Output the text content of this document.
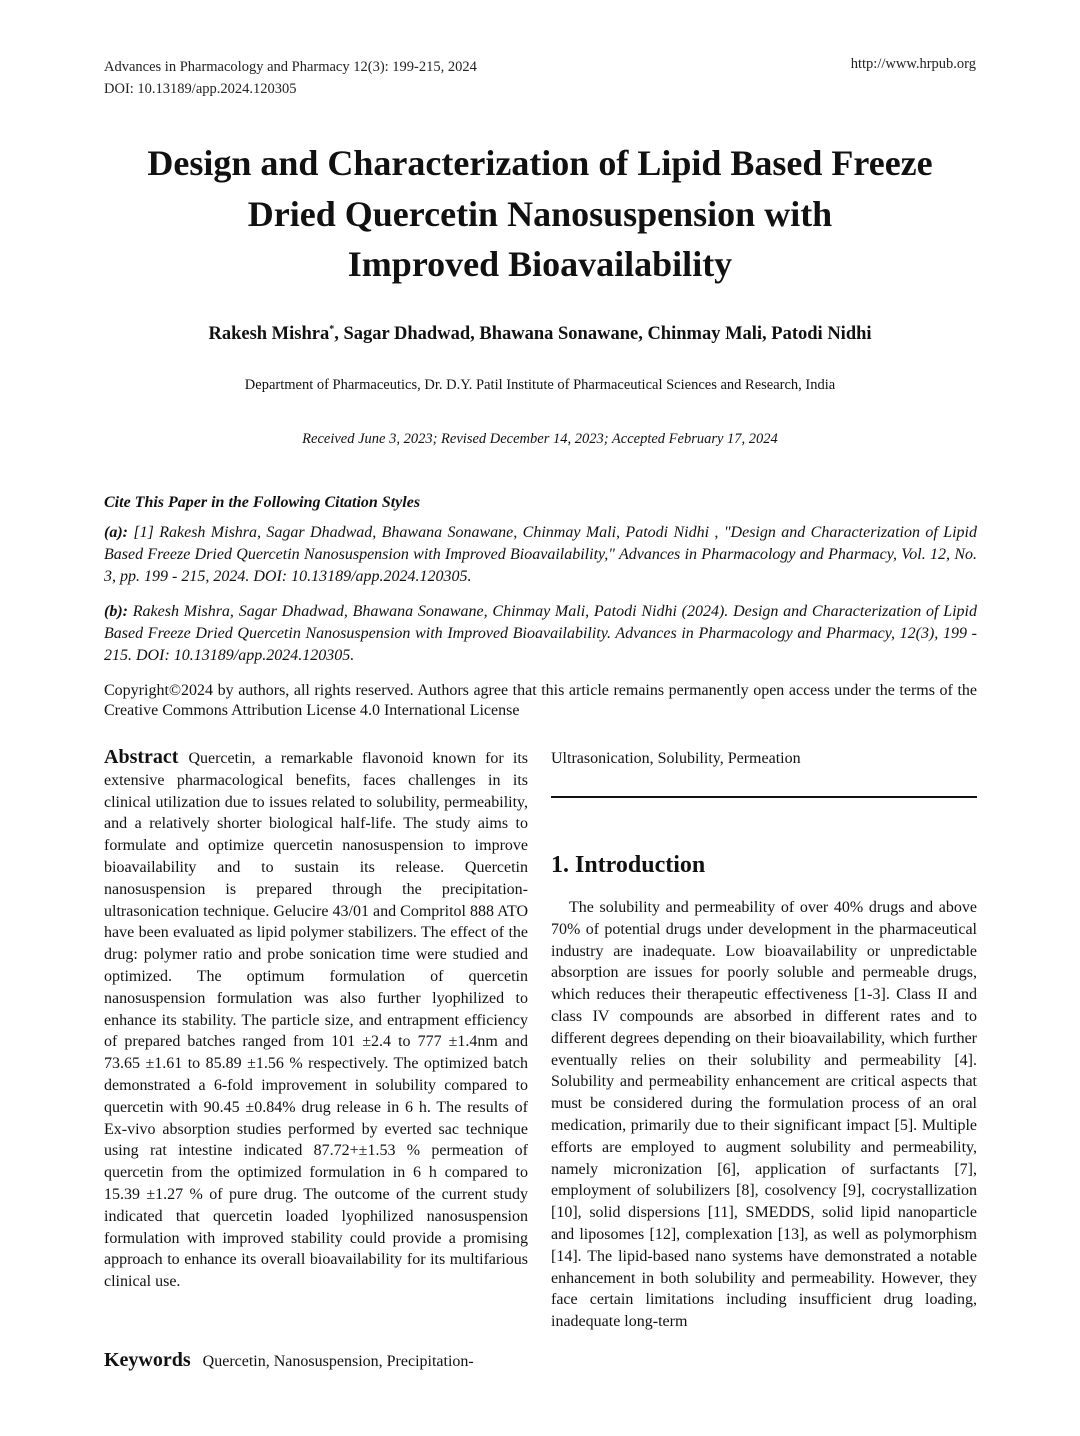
Advances in Pharmacology and Pharmacy 12(3): 199-215, 2024
DOI: 10.13189/app.2024.120305
http://www.hrpub.org
Design and Characterization of Lipid Based Freeze
Dried Quercetin Nanosuspension with
Improved Bioavailability
Rakesh Mishra*, Sagar Dhadwad, Bhawana Sonawane, Chinmay Mali, Patodi Nidhi
Department of Pharmaceutics, Dr. D.Y. Patil Institute of Pharmaceutical Sciences and Research, India
Received June 3, 2023; Revised December 14, 2023; Accepted February 17, 2024
Cite This Paper in the Following Citation Styles
(a): [1] Rakesh Mishra, Sagar Dhadwad, Bhawana Sonawane, Chinmay Mali, Patodi Nidhi , "Design and Characterization of Lipid Based Freeze Dried Quercetin Nanosuspension with Improved Bioavailability," Advances in Pharmacology and Pharmacy, Vol. 12, No. 3, pp. 199 - 215, 2024. DOI: 10.13189/app.2024.120305.
(b): Rakesh Mishra, Sagar Dhadwad, Bhawana Sonawane, Chinmay Mali, Patodi Nidhi (2024). Design and Characterization of Lipid Based Freeze Dried Quercetin Nanosuspension with Improved Bioavailability. Advances in Pharmacology and Pharmacy, 12(3), 199 - 215. DOI: 10.13189/app.2024.120305.
Copyright©2024 by authors, all rights reserved. Authors agree that this article remains permanently open access under the terms of the Creative Commons Attribution License 4.0 International License
Abstract Quercetin, a remarkable flavonoid known for its extensive pharmacological benefits, faces challenges in its clinical utilization due to issues related to solubility, permeability, and a relatively shorter biological half-life. The study aims to formulate and optimize quercetin nanosuspension to improve bioavailability and to sustain its release. Quercetin nanosuspension is prepared through the precipitation-ultrasonication technique. Gelucire 43/01 and Compritol 888 ATO have been evaluated as lipid polymer stabilizers. The effect of the drug: polymer ratio and probe sonication time were studied and optimized. The optimum formulation of quercetin nanosuspension formulation was also further lyophilized to enhance its stability. The particle size, and entrapment efficiency of prepared batches ranged from 101 ±2.4 to 777 ±1.4nm and 73.65 ±1.61 to 85.89 ±1.56 % respectively. The optimized batch demonstrated a 6-fold improvement in solubility compared to quercetin with 90.45 ±0.84% drug release in 6 h. The results of Ex-vivo absorption studies performed by everted sac technique using rat intestine indicated 87.72+±1.53 % permeation of quercetin from the optimized formulation in 6 h compared to 15.39 ±1.27 % of pure drug. The outcome of the current study indicated that quercetin loaded lyophilized nanosuspension formulation with improved stability could provide a promising approach to enhance its overall bioavailability for its multifarious clinical use.
Keywords Quercetin, Nanosuspension, Precipitation-
Ultrasonication, Solubility, Permeation
1. Introduction
The solubility and permeability of over 40% drugs and above 70% of potential drugs under development in the pharmaceutical industry are inadequate. Low bioavailability or unpredictable absorption are issues for poorly soluble and permeable drugs, which reduces their therapeutic effectiveness [1-3]. Class II and class IV compounds are absorbed in different rates and to different degrees depending on their bioavailability, which further eventually relies on their solubility and permeability [4]. Solubility and permeability enhancement are critical aspects that must be considered during the formulation process of an oral medication, primarily due to their significant impact [5]. Multiple efforts are employed to augment solubility and permeability, namely micronization [6], application of surfactants [7], employment of solubilizers [8], cosolvency [9], cocrystallization [10], solid dispersions [11], SMEDDS, solid lipid nanoparticle and liposomes [12], complexation [13], as well as polymorphism [14]. The lipid-based nano systems have demonstrated a notable enhancement in both solubility and permeability. However, they face certain limitations including insufficient drug loading, inadequate long-term
